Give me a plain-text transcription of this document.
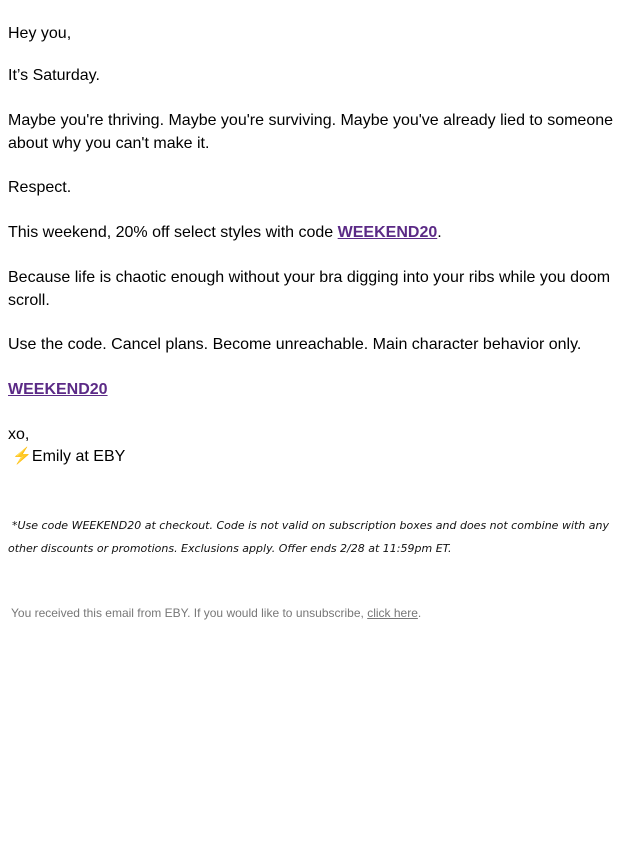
Hey you,

It’s Saturday.

Maybe you're thriving. Maybe you're surviving. Maybe you've already lied to someone about why you can't make it.

Respect.

This weekend, 20% off select styles with code WEEKEND20.

Because life is chaotic enough without your bra digging into your ribs while you doom scroll.

Use the code. Cancel plans. Become unreachable. Main character behavior only.

WEEKEND20

xo,

⚡Emily at EBY

*Use code WEEKEND20 at checkout. Code is not valid on subscription boxes and does not combine with any other discounts or promotions. Exclusions apply. Offer ends 2/28 at 11:59pm ET.

You received this email from EBY. If you would like to unsubscribe, click here.
